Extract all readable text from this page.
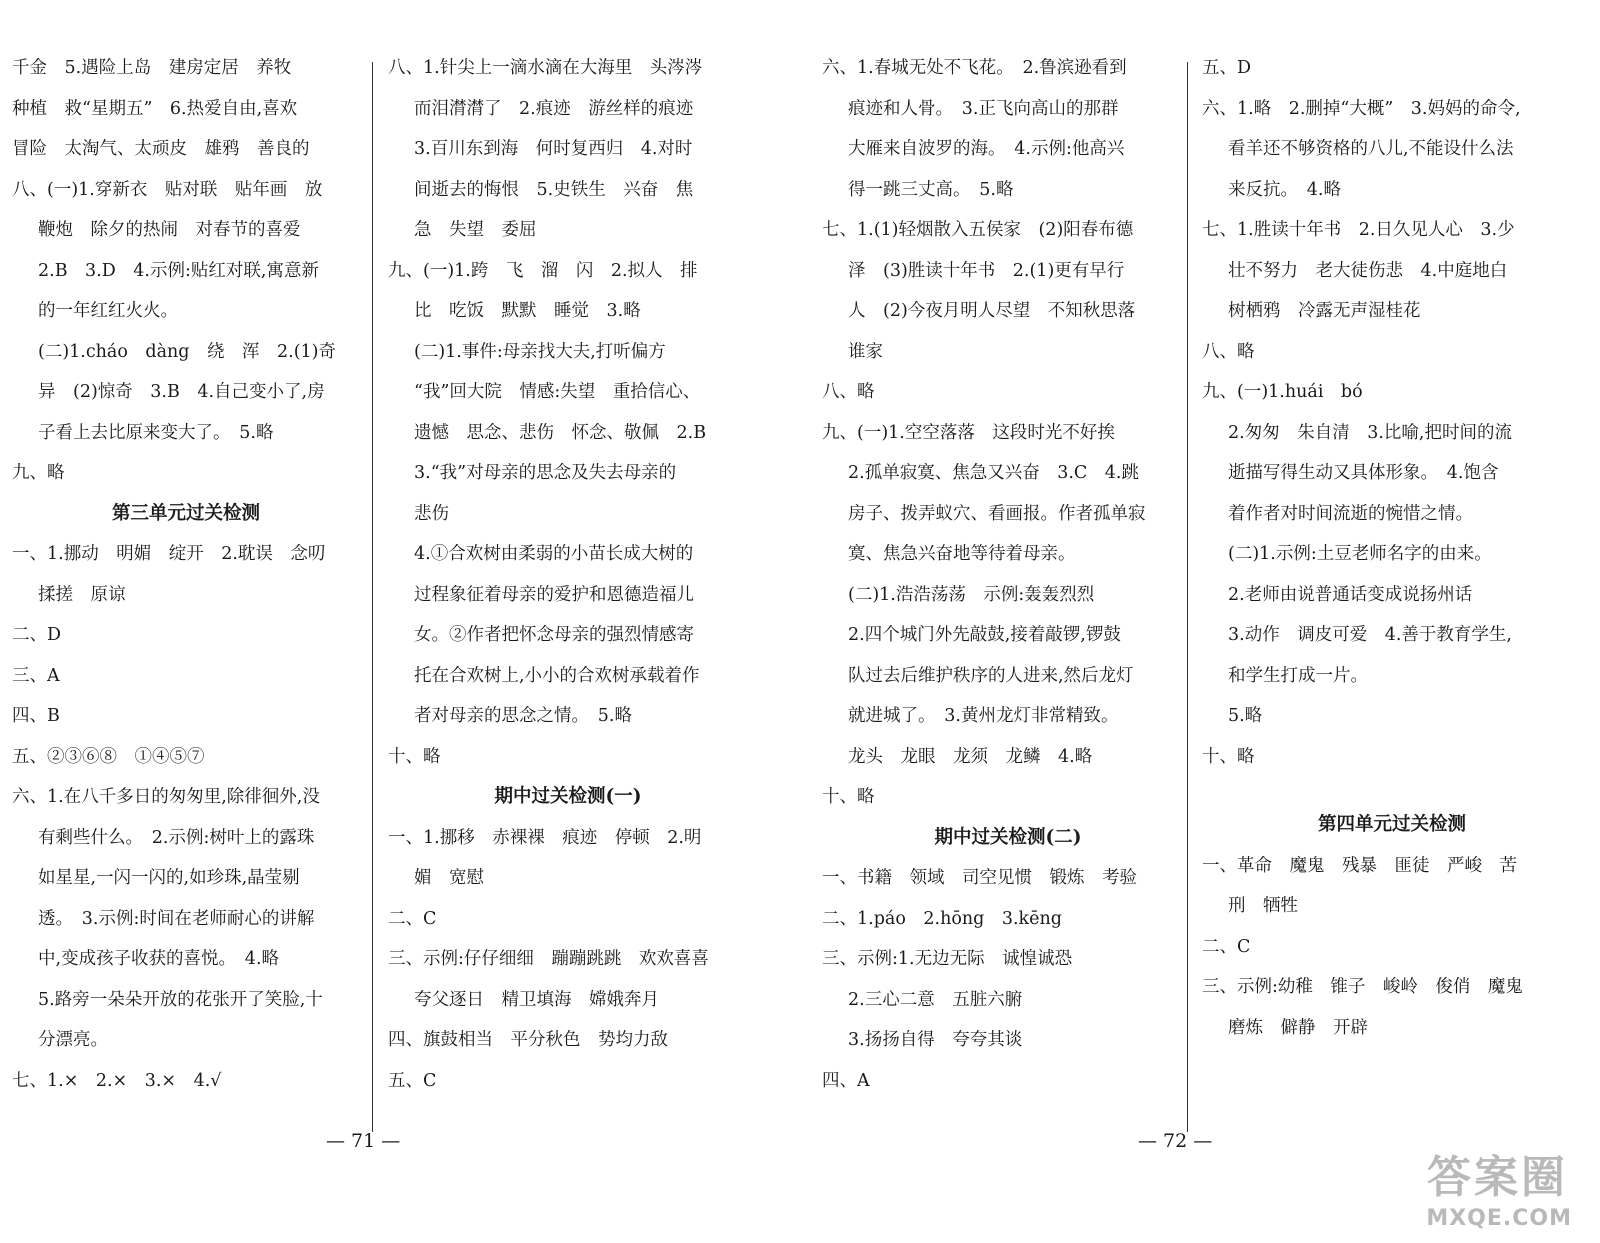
千金　5.遇险上岛　建房定居　养牧
种植　救“星期五”　6.热爱自由,喜欢
冒险　太淘气、太顽皮　雄鸦　善良的
八、(一)1.穿新衣　贴对联　贴年画　放
鞭炮　除夕的热闹　对春节的喜爱
2.B　3.D　4.示例:贴红对联,寓意新
的一年红红火火。
(二)1.cháo　dàng　绕　浑　2.(1)奇
异　(2)惊奇　3.B　4.自己变小了,房
子看上去比原来变大了。　5.略
九、略
第三单元过关检测
一、1.挪动　明媚　绽开　2.耽误　念叨
揉搓　原谅
二、D
三、A
四、B
五、②③⑥⑧　①④⑤⑦
六、1.在八千多日的匆匆里,除徘徊外,没
有剩些什么。　2.示例:树叶上的露珠
如星星,一闪一闪的,如珍珠,晶莹剔
透。　3.示例:时间在老师耐心的讲解
中,变成孩子收获的喜悦。　4.略
5.路旁一朵朵开放的花张开了笑脸,十
分漂亮。
七、1.×　2.×　3.×　4.√
八、1.针尖上一滴水滴在大海里　头涔涔
而泪潸潸了　2.痕迹　游丝样的痕迹
3.百川东到海　何时复西归　4.对时
间逝去的悔恨　5.史铁生　兴奋　焦
急　失望　委屈
九、(一)1.跨　飞　溜　闪　2.拟人　排
比　吃饭　默默　睡觉　3.略
(二)1.事件:母亲找大夫,打听偏方
“我”回大院　情感:失望　重拾信心、
遗憾　思念、悲伤　怀念、敬佩　2.B
3.“我”对母亲的思念及失去母亲的
悲伤
4.①合欢树由柔弱的小苗长成大树的
过程象征着母亲的爱护和恩德造福儿
女。②作者把怀念母亲的强烈情感寄
托在合欢树上,小小的合欢树承载着作
者对母亲的思念之情。　5.略
十、略
期中过关检测(一)
一、1.挪移　赤裸裸　痕迹　停顿　2.明
媚　宽慰
二、C
三、示例:仔仔细细　蹦蹦跳跳　欢欢喜喜
夸父逐日　精卫填海　嫦娥奔月
四、旗鼓相当　平分秋色　势均力敌
五、C
六、1.春城无处不飞花。　2.鲁滨逊看到
痕迹和人骨。　3.正飞向高山的那群
大雁来自波罗的海。　4.示例:他高兴
得一跳三丈高。　5.略
七、1.(1)轻烟散入五侯家　(2)阳春布德
泽　(3)胜读十年书　2.(1)更有早行
人　(2)今夜月明人尽望　不知秋思落
谁家
八、略
九、(一)1.空空落落　这段时光不好挨
2.孤单寂寞、焦急又兴奋　3.C　4.跳
房子、拨弄蚁穴、看画报。作者孤单寂
寞、焦急兴奋地等待着母亲。
(二)1.浩浩荡荡　示例:轰轰烈烈
2.四个城门外先敲鼓,接着敲锣,锣鼓
队过去后维护秩序的人进来,然后龙灯
就进城了。　3.黄州龙灯非常精致。
龙头　龙眼　龙须　龙鳞　4.略
十、略
期中过关检测(二)
一、书籍　领域　司空见惯　锻炼　考验
二、1.páo　2.hōng　3.kēng
三、示例:1.无边无际　诚惶诚恐
2.三心二意　五脏六腑
3.扬扬自得　夸夸其谈
四、A
五、D
六、1.略　2.删掉“大概”　3.妈妈的命令,
看羊还不够资格的八儿,不能设什么法
来反抗。　4.略
七、1.胜读十年书　2.日久见人心　3.少
壮不努力　老大徒伤悲　4.中庭地白
树栖鸦　冷露无声湿桂花
八、略
九、(一)1.huái　bó
2.匆匆　朱自清　3.比喻,把时间的流
逝描写得生动又具体形象。　4.饱含
着作者对时间流逝的惋惜之情。
(二)1.示例:土豆老师名字的由来。
2.老师由说普通话变成说扬州话
3.动作　调皮可爱　4.善于教育学生,
和学生打成一片。
5.略
十、略
第四单元过关检测
一、革命　魔鬼　残暴　匪徒　严峻　苦
刑　牺牲
二、C
三、示例:幼稚　锥子　峻岭　俊俏　魔鬼
磨炼　僻静　开辟
— 71 —	— 72 —
答案圈
MXQE.COM
